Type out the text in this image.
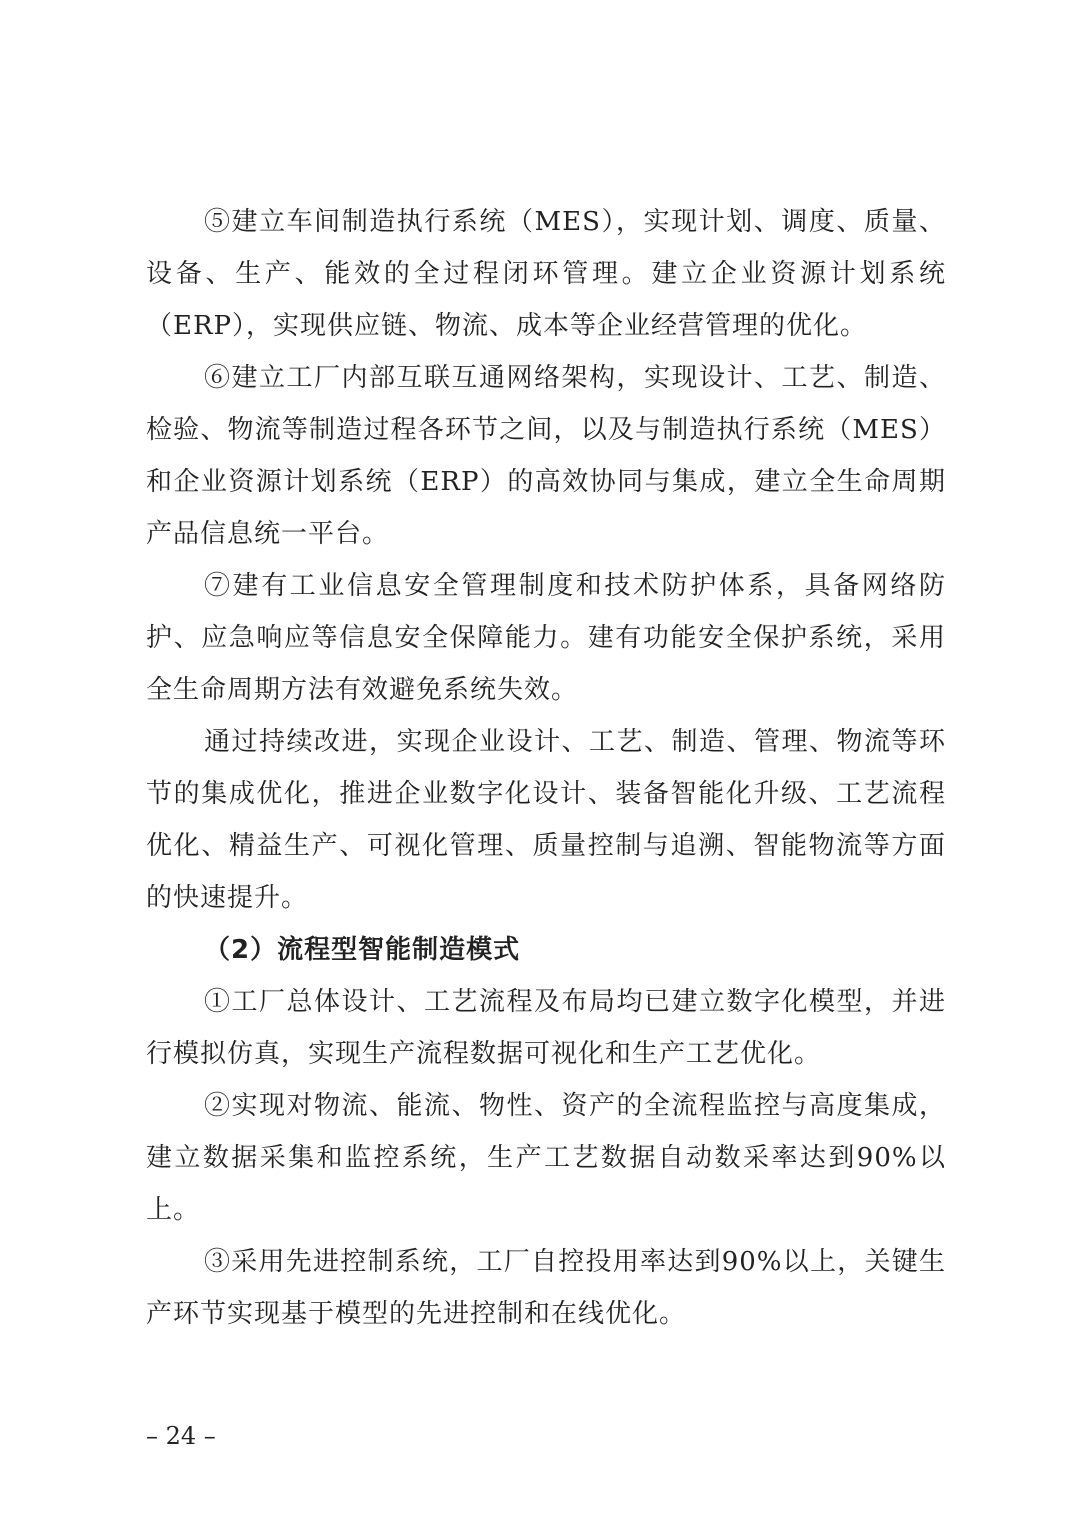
⑤建立车间制造执行系统（MES），实现计划、调度、质量、设备、生产、能效的全过程闭环管理。建立企业资源计划系统（ERP），实现供应链、物流、成本等企业经营管理的优化。

⑥建立工厂内部互联互通网络架构，实现设计、工艺、制造、检验、物流等制造过程各环节之间，以及与制造执行系统（MES）和企业资源计划系统（ERP）的高效协同与集成，建立全生命周期产品信息统一平台。

⑦建有工业信息安全管理制度和技术防护体系，具备网络防护、应急响应等信息安全保障能力。建有功能安全保护系统，采用全生命周期方法有效避免系统失效。

通过持续改进，实现企业设计、工艺、制造、管理、物流等环节的集成优化，推进企业数字化设计、装备智能化升级、工艺流程优化、精益生产、可视化管理、质量控制与追溯、智能物流等方面的快速提升。

（2）流程型智能制造模式

①工厂总体设计、工艺流程及布局均已建立数字化模型，并进行模拟仿真，实现生产流程数据可视化和生产工艺优化。

②实现对物流、能流、物性、资产的全流程监控与高度集成，建立数据采集和监控系统，生产工艺数据自动数采率达到90%以上。

③采用先进控制系统，工厂自控投用率达到90%以上，关键生产环节实现基于模型的先进控制和在线优化。

– 24 –
